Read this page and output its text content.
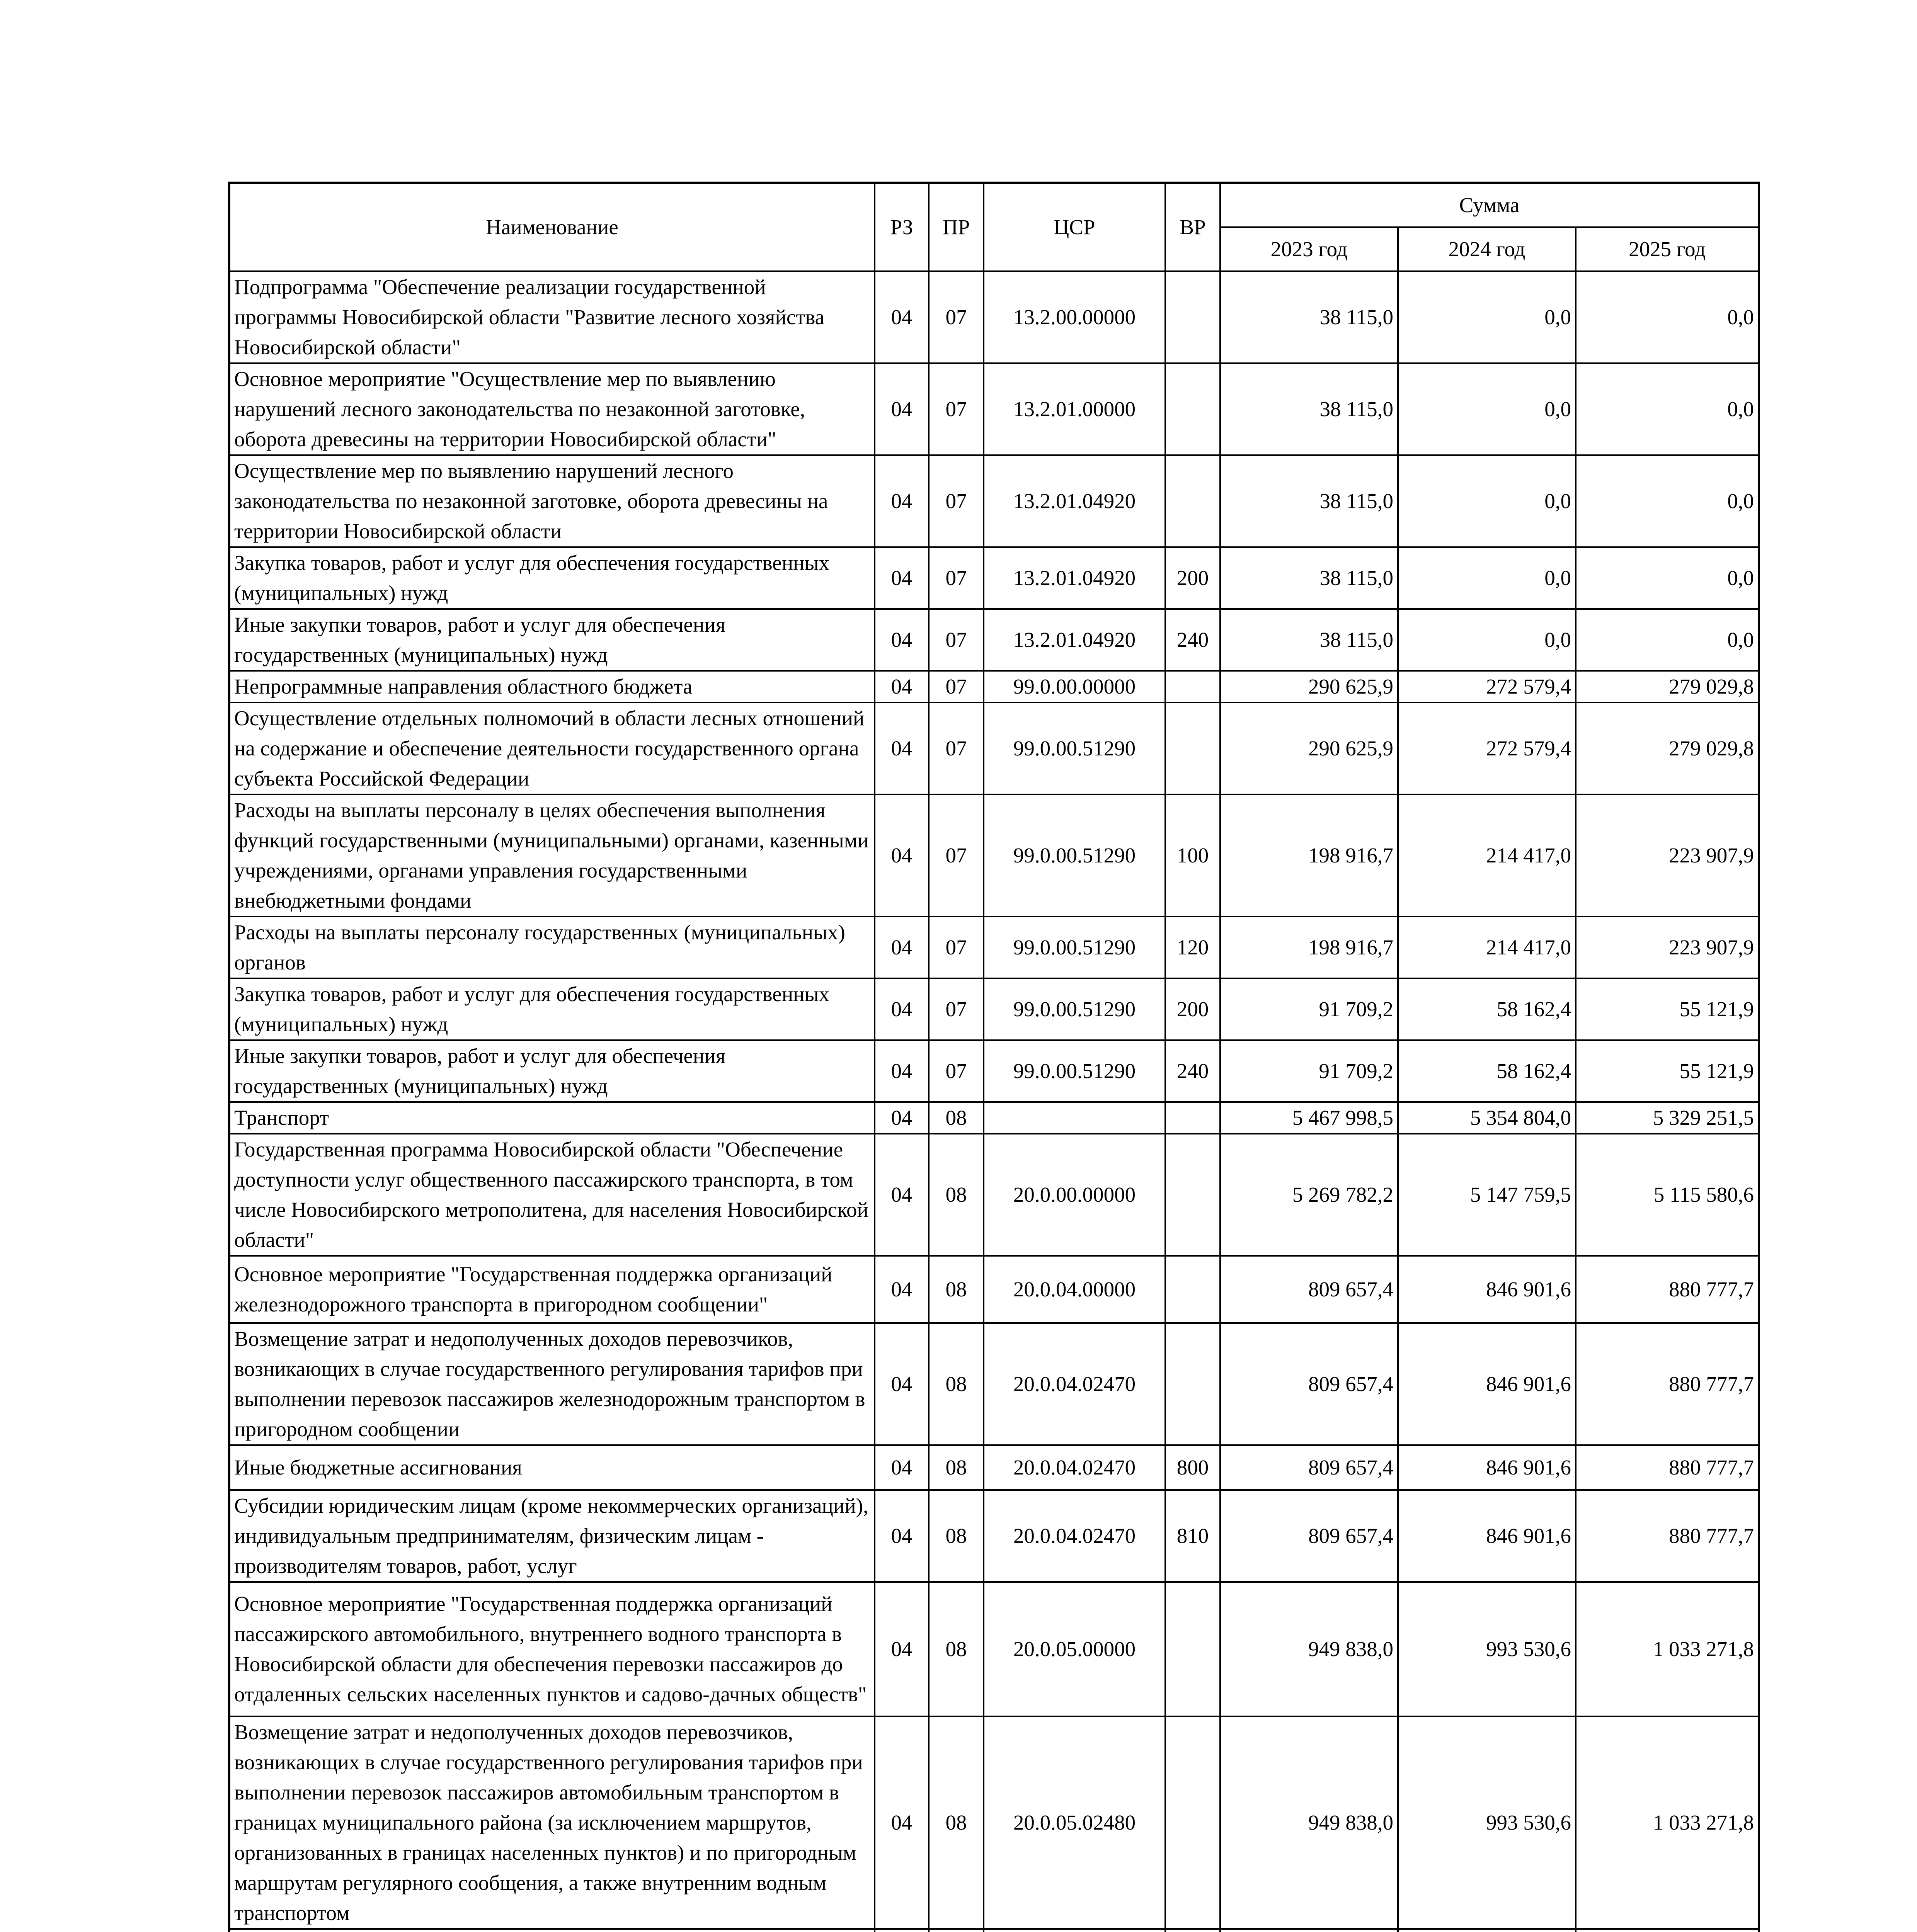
Наименование	РЗ	ПР	ЦСР	ВР	Сумма		
					2023 год	2024 год	2025 год
Подпрограмма "Обеспечение реализации государственной программы Новосибирской области "Развитие лесного хозяйства Новосибирской области"	04	07	13.2.00.00000		38 115,0	0,0	0,0
Основное мероприятие "Осуществление мер по выявлению нарушений лесного законодательства по незаконной заготовке, оборота древесины на территории Новосибирской области"	04	07	13.2.01.00000		38 115,0	0,0	0,0
Осуществление мер по выявлению нарушений лесного законодательства по незаконной заготовке, оборота древесины на территории Новосибирской области	04	07	13.2.01.04920		38 115,0	0,0	0,0
Закупка товаров, работ и услуг для обеспечения государственных (муниципальных) нужд	04	07	13.2.01.04920	200	38 115,0	0,0	0,0
Иные закупки товаров, работ и услуг для обеспечения государственных (муниципальных) нужд	04	07	13.2.01.04920	240	38 115,0	0,0	0,0
Непрограммные направления областного бюджета	04	07	99.0.00.00000		290 625,9	272 579,4	279 029,8
Осуществление отдельных полномочий в области лесных отношений на содержание и обеспечение деятельности государственного органа субъекта Российской Федерации	04	07	99.0.00.51290		290 625,9	272 579,4	279 029,8
Расходы на выплаты персоналу в целях обеспечения выполнения функций государственными (муниципальными) органами, казенными учреждениями, органами управления государственными внебюджетными фондами	04	07	99.0.00.51290	100	198 916,7	214 417,0	223 907,9
Расходы на выплаты персоналу государственных (муниципальных) органов	04	07	99.0.00.51290	120	198 916,7	214 417,0	223 907,9
Закупка товаров, работ и услуг для обеспечения государственных (муниципальных) нужд	04	07	99.0.00.51290	200	91 709,2	58 162,4	55 121,9
Иные закупки товаров, работ и услуг для обеспечения государственных (муниципальных) нужд	04	07	99.0.00.51290	240	91 709,2	58 162,4	55 121,9
Транспорт	04	08			5 467 998,5	5 354 804,0	5 329 251,5
Государственная программа Новосибирской области "Обеспечение доступности услуг общественного пассажирского транспорта, в том числе Новосибирского метрополитена, для населения Новосибирской области"	04	08	20.0.00.00000		5 269 782,2	5 147 759,5	5 115 580,6
Основное мероприятие "Государственная поддержка организаций железнодорожного транспорта в пригородном сообщении"	04	08	20.0.04.00000		809 657,4	846 901,6	880 777,7
Возмещение затрат и недополученных доходов перевозчиков, возникающих в случае государственного регулирования тарифов при выполнении перевозок пассажиров железнодорожным транспортом в пригородном сообщении	04	08	20.0.04.02470		809 657,4	846 901,6	880 777,7
Иные бюджетные ассигнования	04	08	20.0.04.02470	800	809 657,4	846 901,6	880 777,7
Субсидии юридическим лицам (кроме некоммерческих организаций), индивидуальным предпринимателям, физическим лицам - производителям товаров, работ, услуг	04	08	20.0.04.02470	810	809 657,4	846 901,6	880 777,7
Основное мероприятие "Государственная поддержка организаций пассажирского автомобильного, внутреннего водного транспорта в Новосибирской области для обеспечения перевозки пассажиров до отдаленных сельских населенных пунктов и садово-дачных обществ"	04	08	20.0.05.00000		949 838,0	993 530,6	1 033 271,8
Возмещение затрат и недополученных доходов перевозчиков, возникающих в случае государственного регулирования тарифов при выполнении перевозок пассажиров автомобильным транспортом в границах муниципального района (за исключением маршрутов, организованных в границах населенных пунктов) и по пригородным маршрутам регулярного сообщения, а также внутренним водным транспортом	04	08	20.0.05.02480		949 838,0	993 530,6	1 033 271,8
